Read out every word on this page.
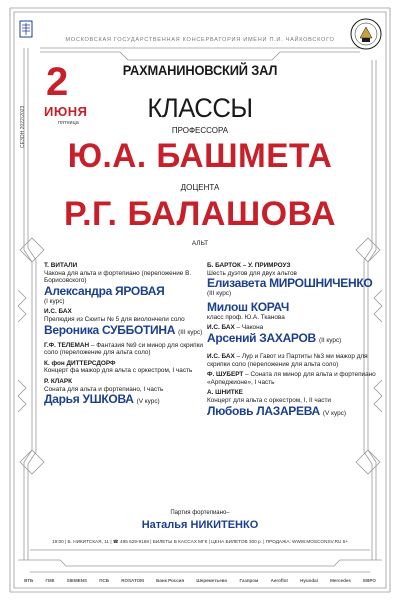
МОСКОВСКАЯ ГОСУДАРСТВЕННАЯ КОНСЕРВАТОРИЯ ИМЕНИ П.И. ЧАЙКОВСКОГО
РАХМАНИНОВСКИЙ ЗАЛ
2
ИЮНЯ
пятница
СЕЗОН 2022/2023	КЛАССЫ
ПРОФЕССОРА
Ю.А. БАШМЕТА
ДОЦЕНТА
Р.Г. БАЛАШОВА
АЛЬТ
Т. ВИТАЛИ
Чакона для альта и фортепиано (переложение В. Борисовского)
Александра ЯРОВАЯ
(I курс)
И.С. БАХ
Прелюдия из Сюиты № 5 для виолончели соло
Вероника СУББОТИНА (III курс)
Г.Ф. ТЕЛЕМАН – Фантазия №9 си минор для скрипки соло (переложение для альта соло)
К. фон ДИТТЕРСДОРФ
Концерт фа мажор для альта с оркестром, I часть
Р. КЛАРК
Соната для альта и фортепиано, I часть
Дарья УШКОВА (V курс)
Б. БАРТОК – У. ПРИМРОУЗ
Шесть дуэтов для двух альтов
Елизавета МИРОШНИЧЕНКО
(III курс)
Милош КОРАЧ
класс проф. Ю.А. Тканова
И.С. БАХ – Чакона
Арсений ЗАХАРОВ (II курс)
И.С. БАХ – Лур и Гавот из Партиты №3 ми мажор для скрипки соло (переложение для альта соло)
Ф. ШУБЕРТ – Соната ля минор для альта и фортепиано «Арпеджионе», I часть
А. ШНИТКЕ
Концерт для альта с оркестром, I, II части
Любовь ЛАЗАРЕВА (V курс)
Партия фортепиано–
Наталья НИКИТЕНКО
19:00 | Б. НИКИТСКАЯ, 11 | ☎ 495 629-9168 | БИЛЕТЫ В КАССАХ МГК | ЦЕНА БИЛЕТОВ 300 р. | ПРОДАЖА: WWW.MOSCONSV.RU 6+
ВТБ	ГМК	SIEMENS	ПСБ	ROSATOM	Банк Россия	Шереметьево	Газпром	Aeroflot	Hyundai	Mercedes	ЕВРО
